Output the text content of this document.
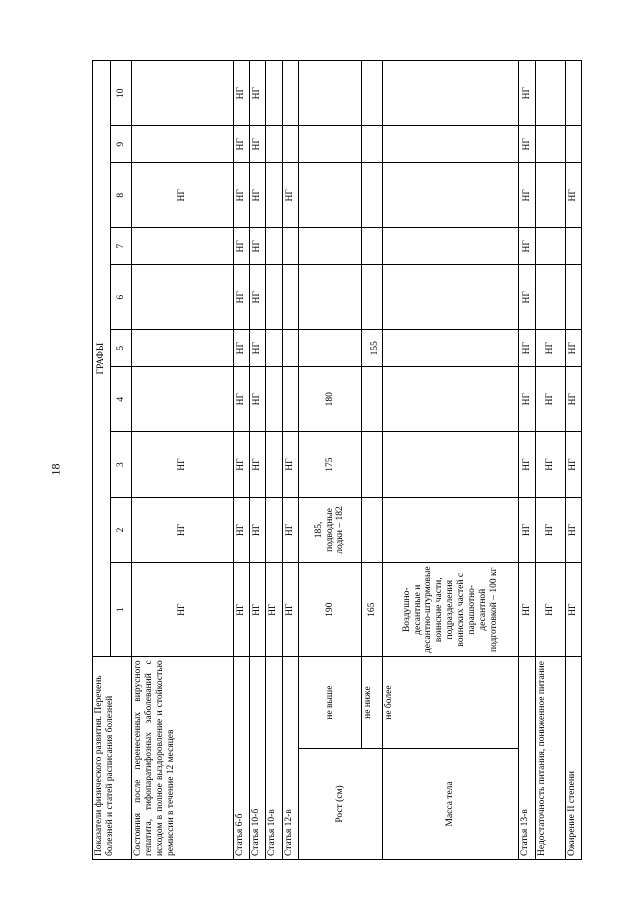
18
Показатели физического развития. Перечень болезней и статей расписания болезней		ГРАФЫ									
		1	2	3	4	5	6	7	8	9	10
Состояния после перенесенных вирусного гепатита, тифопаратифозных заболеваний с исходом в полное выздоровление и стойкостью ремиссии в течение 12 месяцев		НГ	НГ	НГ					НГ		
Статья 6-б		НГ	НГ	НГ	НГ	НГ	НГ	НГ	НГ	НГ	НГ
Статья 10-б		НГ	НГ	НГ	НГ	НГ	НГ	НГ	НГ	НГ	НГ
Статья 10-в		НГ									
Статья 12-в		НГ	НГ	НГ					НГ		
Рост (см)	не выше	190	185, подводные лодки – 182	175	180						
	не ниже	165				155					
Масса тела	не более	Воздушно-десантные и десантно-штурмовые воинские части, подразделения воинских частей с парашютно-десантной подготовкой – 100 кг									
Статья 13-в		НГ	НГ	НГ	НГ	НГ	НГ	НГ	НГ	НГ	НГ
Недостаточность питания, пониженное питание		НГ	НГ	НГ	НГ	НГ					
Ожирение II степени		НГ	НГ	НГ	НГ	НГ			НГ		
